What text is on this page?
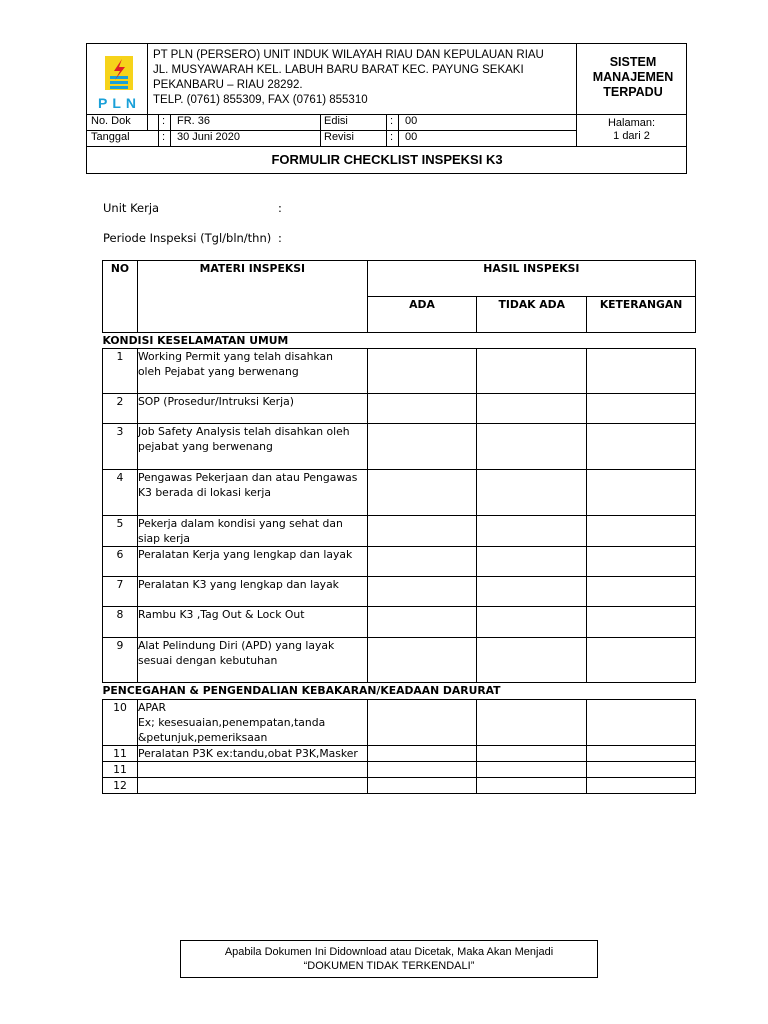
PLN
PT PLN (PERSERO) UNIT INDUK WILAYAH RIAU DAN KEPULAUAN RIAU
JL. MUSYAWARAH KEL. LABUH BARU BARAT KEC. PAYUNG SEKAKI
PEKANBARU – RIAU 28292.
TELP. (0761) 855309, FAX (0761) 855310
SISTEM
MANAJEMEN
TERPADU
No. Dok	: FR. 36	Edisi	: 00
Tanggal	: 30 Juni 2020	Revisi	: 00
Halaman:
1 dari 2
FORMULIR CHECKLIST INSPEKSI K3
Unit Kerja	:
Periode Inspeksi (Tgl/bln/thn) :
NO	MATERI INSPEKSI	HASIL INSPEKSI		
		ADA	TIDAK ADA	KETERANGAN
KONDISI KESELAMATAN UMUM				
1	Working Permit yang telah disahkan
oleh Pejabat yang berwenang			

2	SOP (Prosedur/Intruksi Kerja)			

3	Job Safety Analysis telah disahkan oleh
pejabat yang berwenang			

4	Pengawas Pekerjaan dan atau Pengawas
K3 berada di lokasi kerja			

5	Pekerja dalam kondisi yang sehat dan
siap kerja			

6	Peralatan Kerja yang lengkap dan layak			

7	Peralatan K3 yang lengkap dan layak			

8	Rambu K3 ,Tag Out & Lock Out			

9	Alat Pelindung Diri (APD) yang layak
sesuai dengan kebutuhan			

PENCEGAHAN & PENGENDALIAN KEBAKARAN/KEADAAN DARURAT				
10	APAR
Ex; kesesuaian,penempatan,tanda
&petunjuk,pemeriksaan			

11	Peralatan P3K ex:tandu,obat P3K,Masker			

11	

12	

Apabila Dokumen Ini Didownload atau Dicetak, Maka Akan Menjadi
“DOKUMEN TIDAK TERKENDALI”
